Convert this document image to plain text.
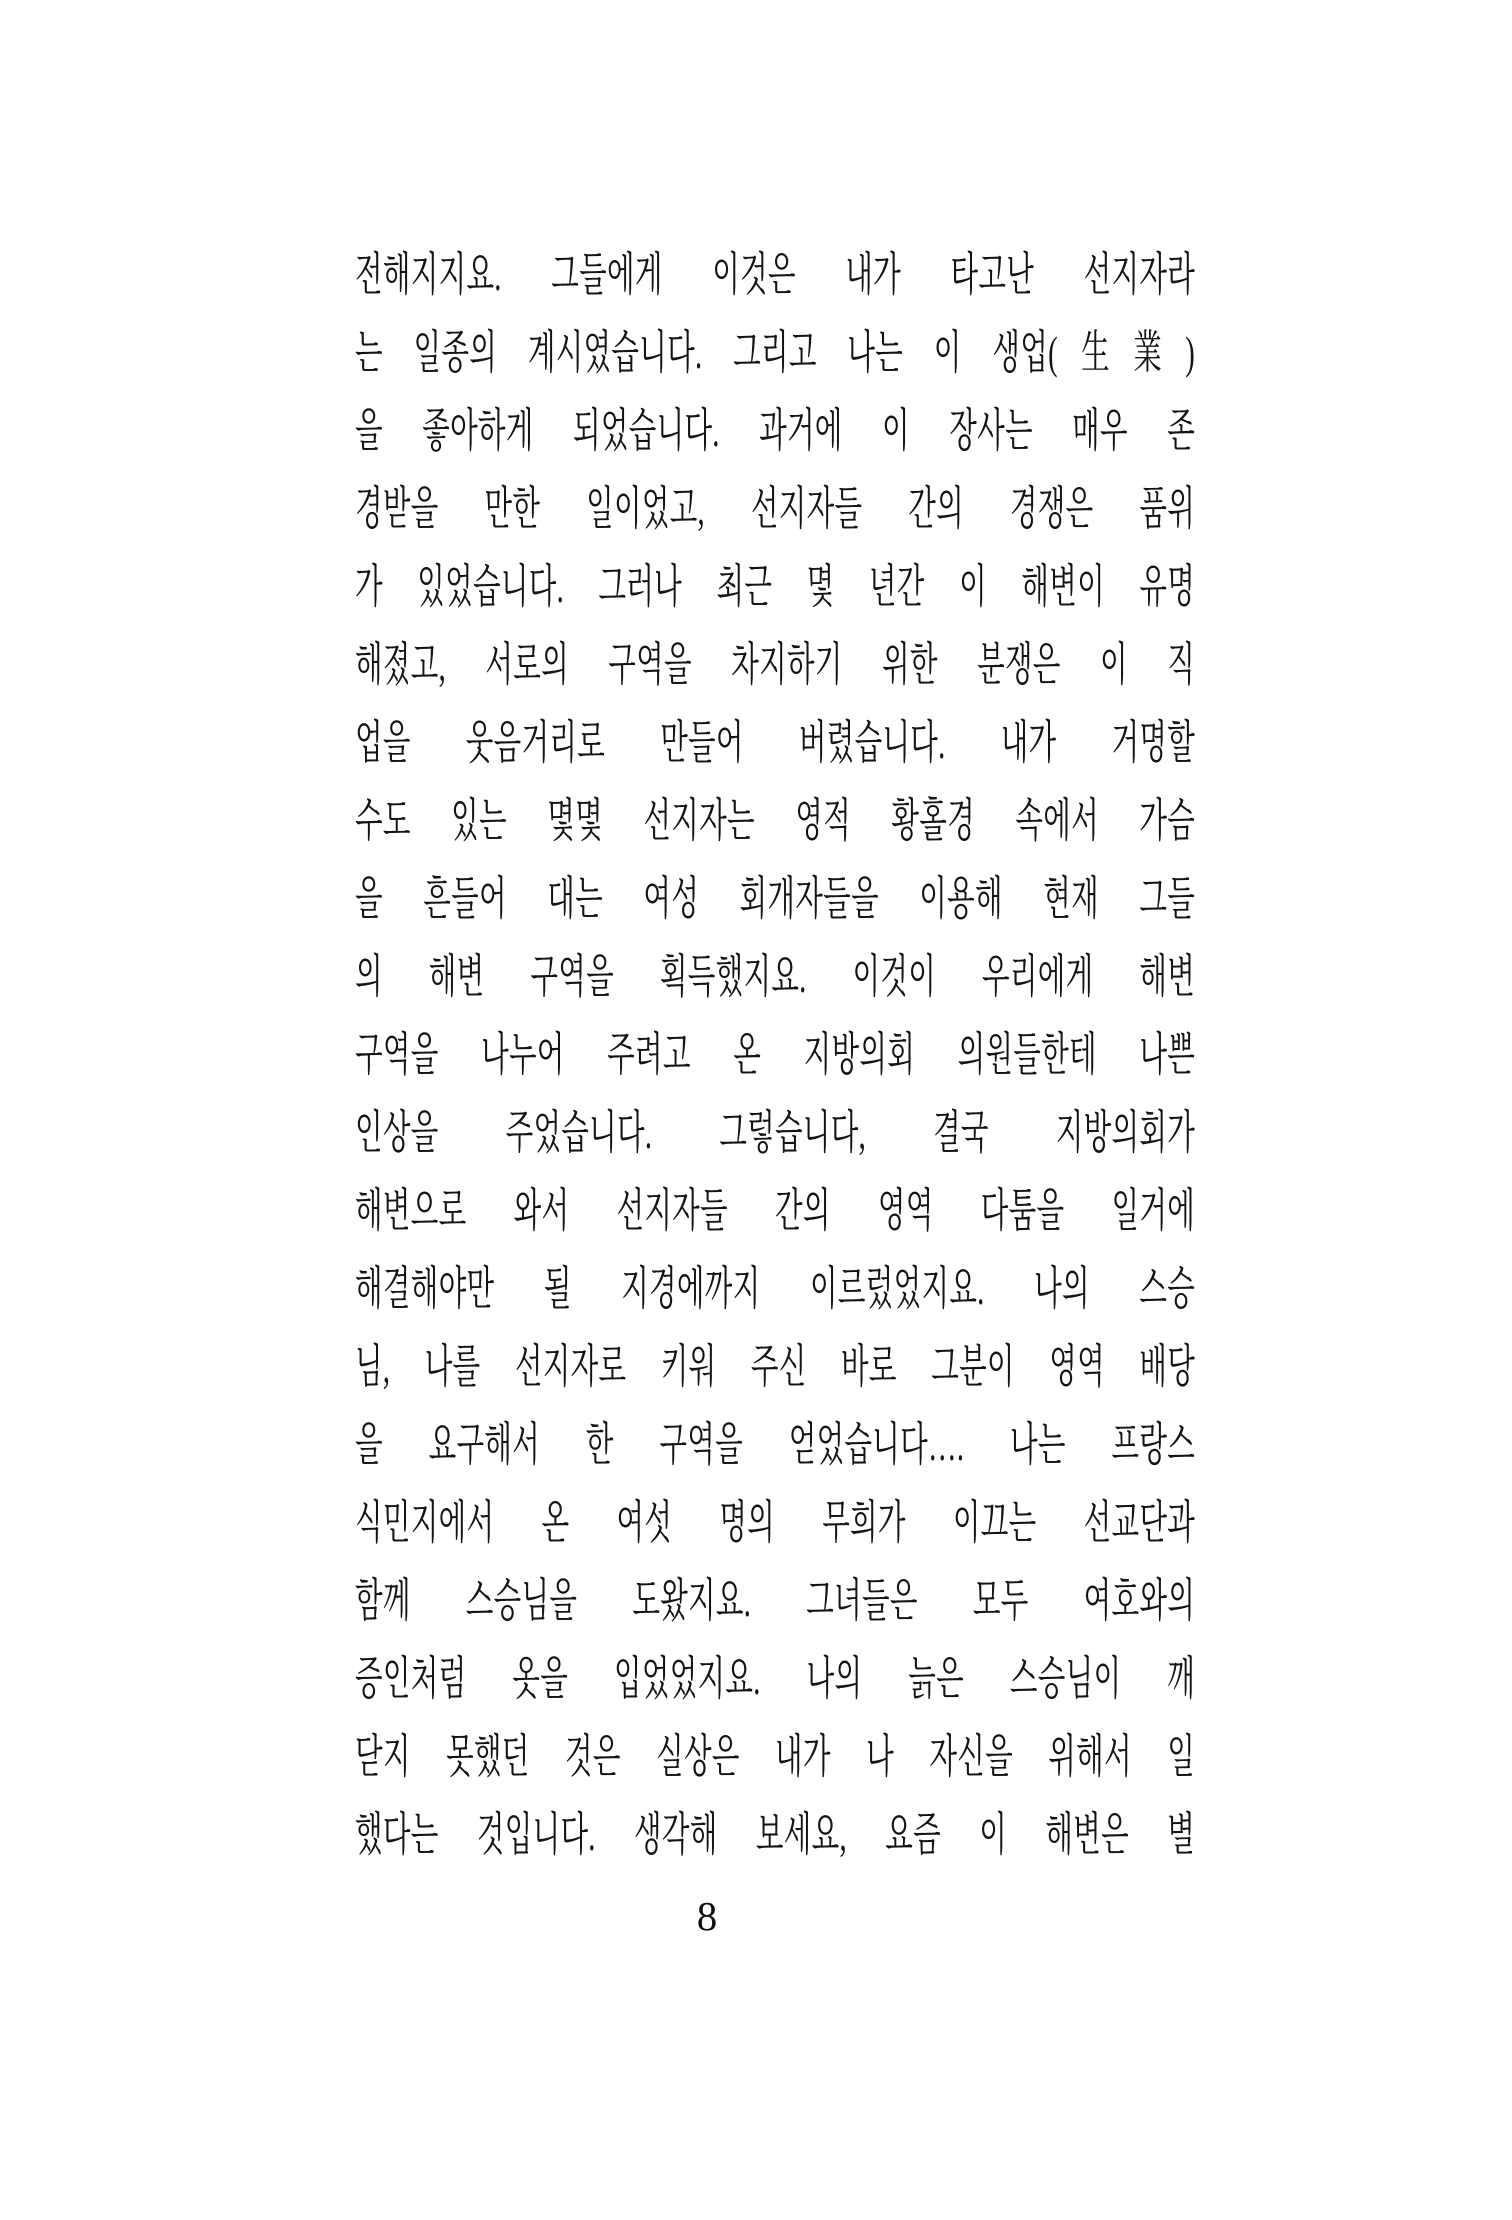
전해지지요. 그들에게 이것은 내가 타고난 선지자라
는 일종의 계시였습니다. 그리고 나는 이 생업(生業)
을 좋아하게 되었습니다. 과거에 이 장사는 매우 존
경받을 만한 일이었고, 선지자들 간의 경쟁은 품위
가 있었습니다. 그러나 최근 몇 년간 이 해변이 유명
해졌고, 서로의 구역을 차지하기 위한 분쟁은 이 직
업을 웃음거리로 만들어 버렸습니다. 내가 거명할
수도 있는 몇몇 선지자는 영적 황홀경 속에서 가슴
을 흔들어 대는 여성 회개자들을 이용해 현재 그들
의 해변 구역을 획득했지요. 이것이 우리에게 해변
구역을 나누어 주려고 온 지방의회 의원들한테 나쁜
인상을 주었습니다. 그렇습니다, 결국 지방의회가
해변으로 와서 선지자들 간의 영역 다툼을 일거에
해결해야만 될 지경에까지 이르렀었지요. 나의 스승
님, 나를 선지자로 키워 주신 바로 그분이 영역 배당
을 요구해서 한 구역을 얻었습니다…. 나는 프랑스
식민지에서 온 여섯 명의 무희가 이끄는 선교단과
함께 스승님을 도왔지요. 그녀들은 모두 여호와의
증인처럼 옷을 입었었지요. 나의 늙은 스승님이 깨
닫지 못했던 것은 실상은 내가 나 자신을 위해서 일
했다는 것입니다. 생각해 보세요, 요즘 이 해변은 별
8
